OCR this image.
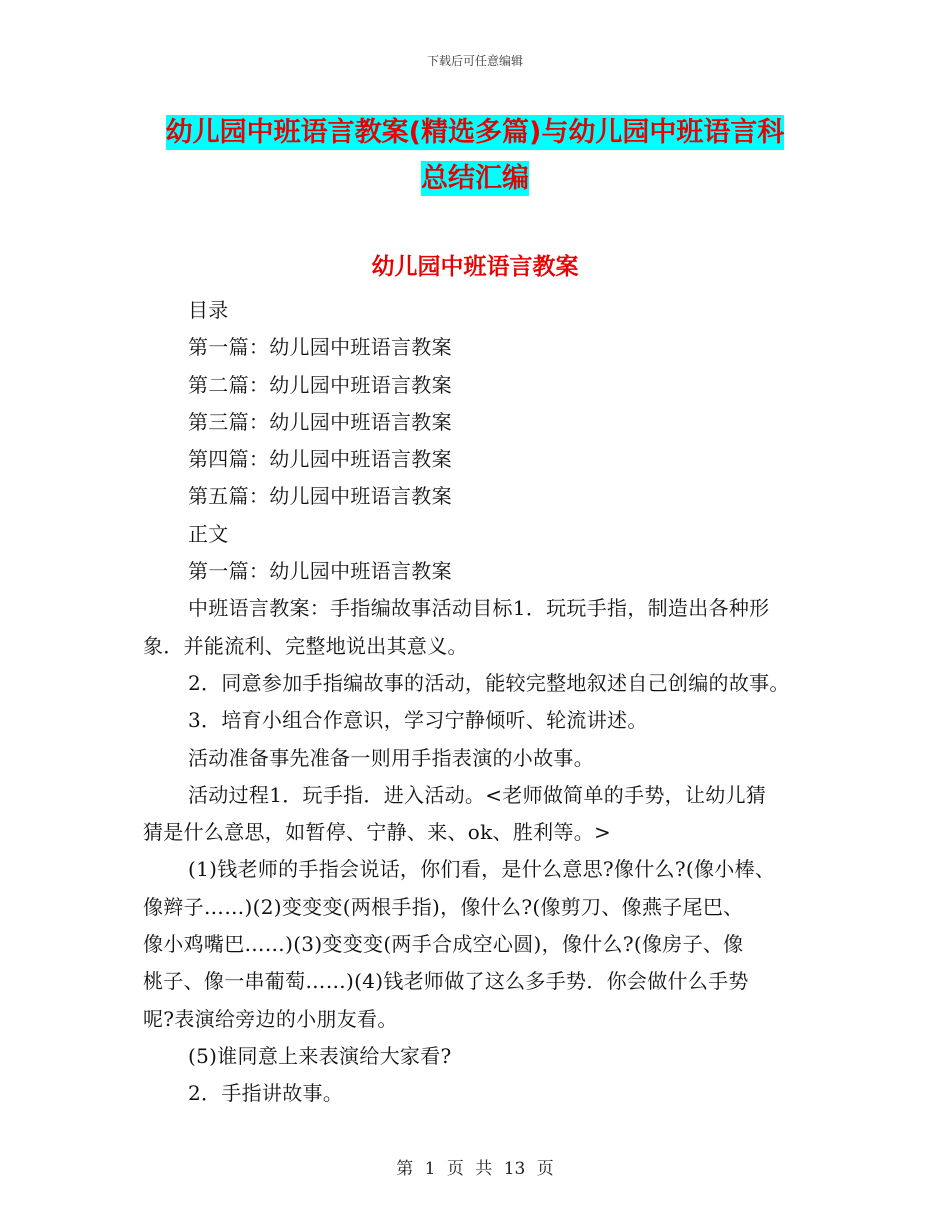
下载后可任意编辑
幼儿园中班语言教案(精选多篇)与幼儿园中班语言科
总结汇编
幼儿园中班语言教案

目录

第一篇：幼儿园中班语言教案

第二篇：幼儿园中班语言教案

第三篇：幼儿园中班语言教案

第四篇：幼儿园中班语言教案

第五篇：幼儿园中班语言教案

正文

第一篇：幼儿园中班语言教案

中班语言教案：手指编故事活动目标1．玩玩手指，制造出各种形

象．并能流利、完整地说出其意义。

2．同意参加手指编故事的活动，能较完整地叙述自己创编的故事。

3．培育小组合作意识，学习宁静倾听、轮流讲述。

活动准备事先准备一则用手指表演的小故事。

活动过程1．玩手指．进入活动。<老师做简单的手势，让幼儿猜

猜是什么意思，如暂停、宁静、来、ok、胜利等。>

(1)钱老师的手指会说话，你们看，是什么意思?像什么?(像小棒、

像辫子……)(2)变变变(两根手指)，像什么?(像剪刀、像燕子尾巴、

像小鸡嘴巴……)(3)变变变(两手合成空心圆)，像什么?(像房子、像

桃子、像一串葡萄……)(4)钱老师做了这么多手势．你会做什么手势

呢?表演给旁边的小朋友看。

(5)谁同意上来表演给大家看?

2．手指讲故事。

第 1 页 共 13 页
